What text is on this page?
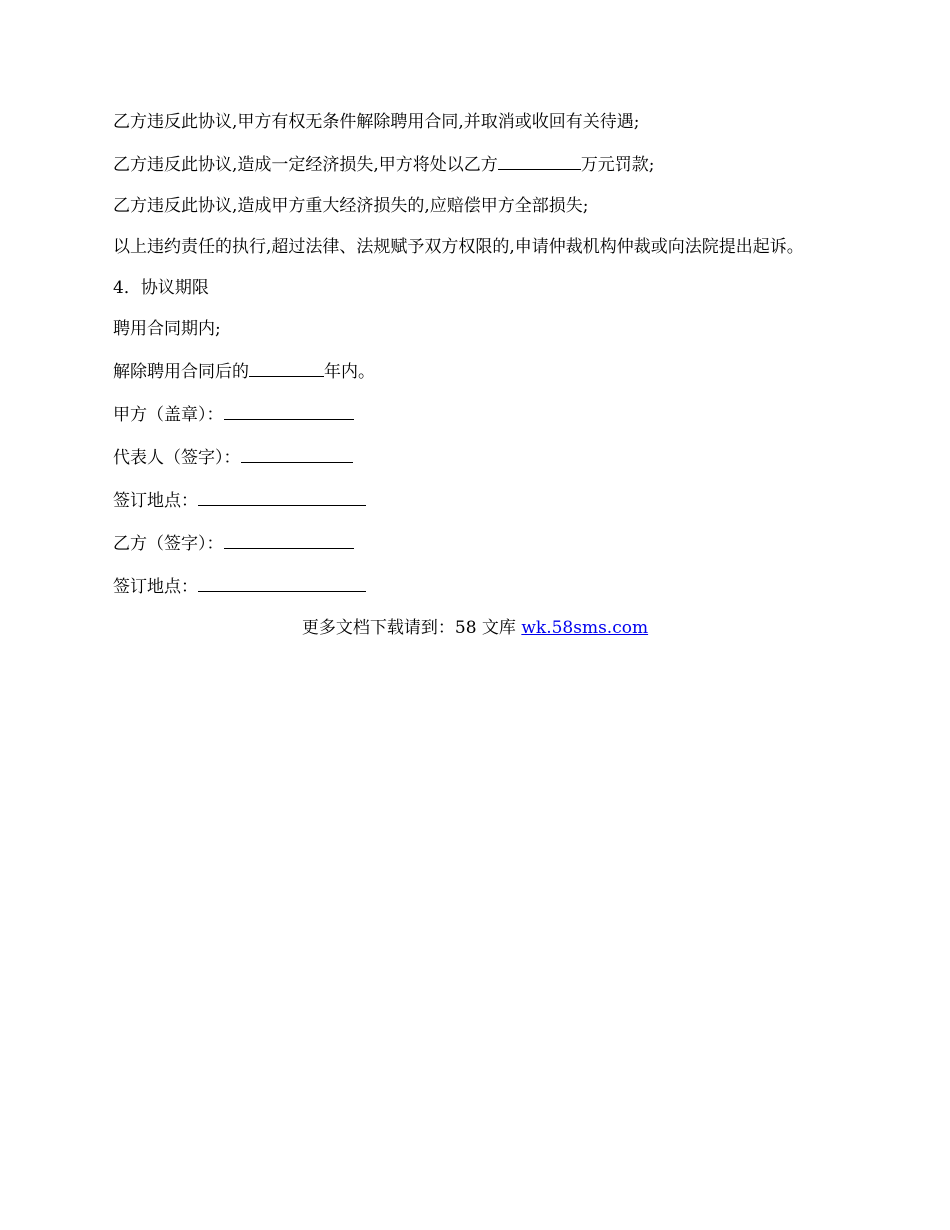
乙方违反此协议,甲方有权无条件解除聘用合同,并取消或收回有关待遇;

乙方违反此协议,造成一定经济损失,甲方将处以乙方	万元罚款;

乙方违反此协议,造成甲方重大经济损失的,应赔偿甲方全部损失;

以上违约责任的执行,超过法律、法规赋予双方权限的,申请仲裁机构仲裁或向法院提出起诉。

4．协议期限

聘用合同期内;

解除聘用合同后的	年内。

甲方（盖章）：

代表人（签字）：

签订地点：

乙方（签字）：

签订地点：

更多文档下载请到：58 文库 wk.58sms.com
